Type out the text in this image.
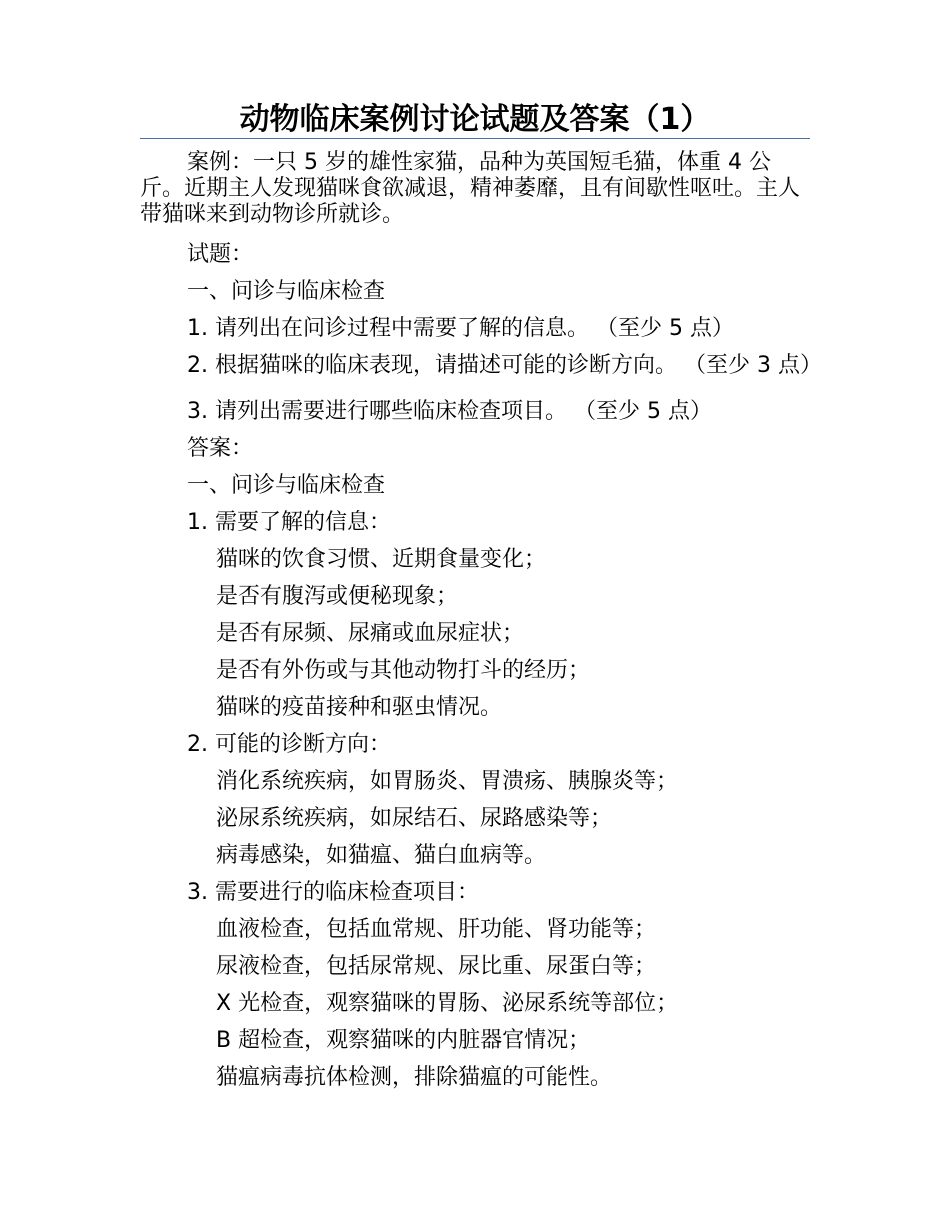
动物临床案例讨论试题及答案（1）
案例：一只 5 岁的雄性家猫，品种为英国短毛猫，体重 4 公斤。近期主人发现猫咪食欲减退，精神萎靡，且有间歇性呕吐。主人带猫咪来到动物诊所就诊。
试题：
一、问诊与临床检查
1. 请列出在问诊过程中需要了解的信息。 （至少 5 点）
2. 根据猫咪的临床表现，请描述可能的诊断方向。 （至少 3 点）
3. 请列出需要进行哪些临床检查项目。 （至少 5 点）
答案：
一、问诊与临床检查
1. 需要了解的信息：
猫咪的饮食习惯、近期食量变化；
是否有腹泻或便秘现象；
是否有尿频、尿痛或血尿症状；
是否有外伤或与其他动物打斗的经历；
猫咪的疫苗接种和驱虫情况。
2. 可能的诊断方向：
消化系统疾病，如胃肠炎、胃溃疡、胰腺炎等；
泌尿系统疾病，如尿结石、尿路感染等；
病毒感染，如猫瘟、猫白血病等。
3. 需要进行的临床检查项目：
血液检查，包括血常规、肝功能、肾功能等；
尿液检查，包括尿常规、尿比重、尿蛋白等；
X 光检查，观察猫咪的胃肠、泌尿系统等部位；
B 超检查，观察猫咪的内脏器官情况；
猫瘟病毒抗体检测，排除猫瘟的可能性。
